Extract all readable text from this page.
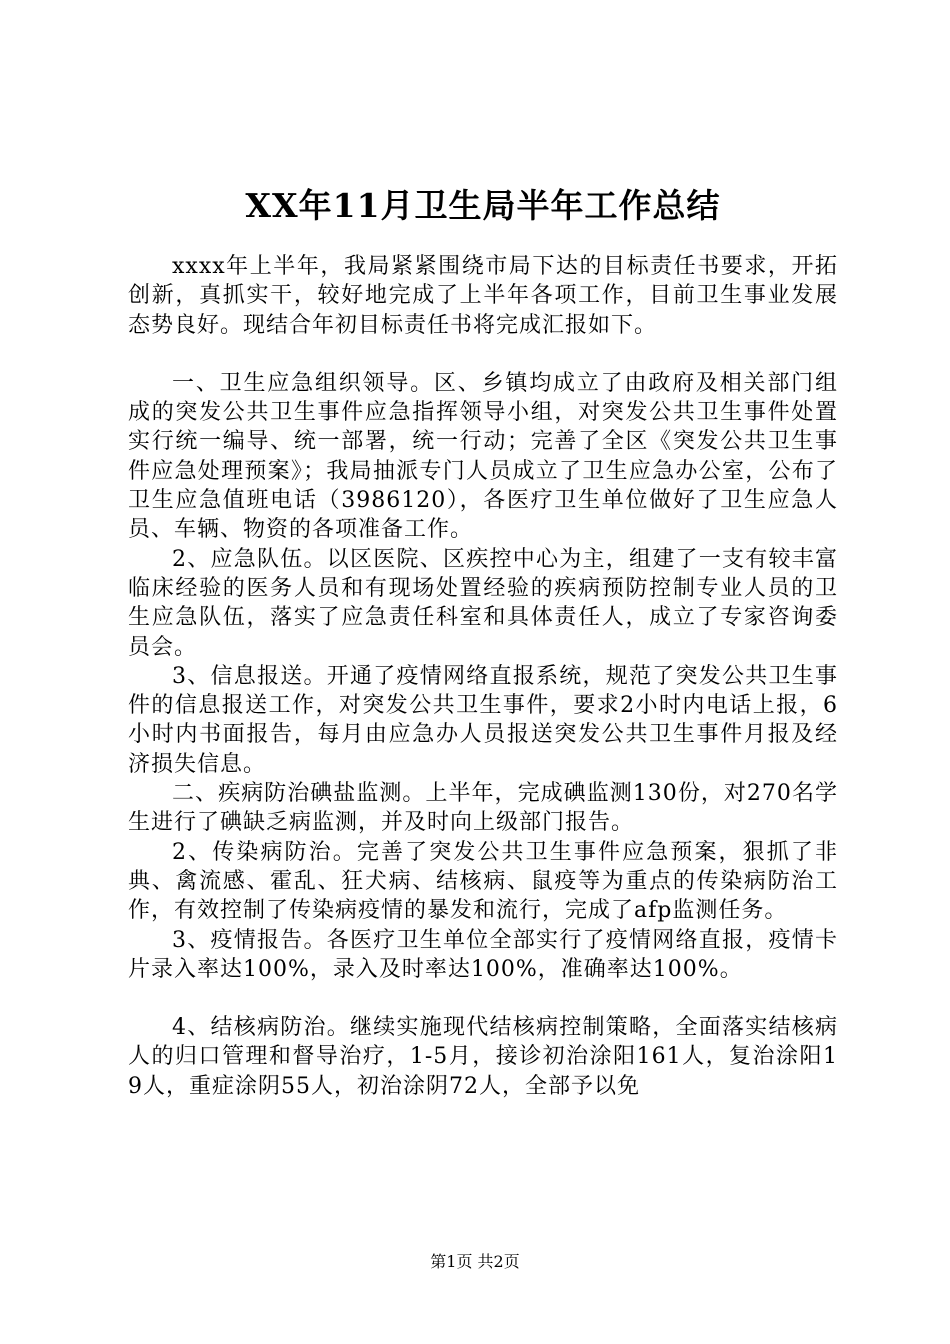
XX年11月卫生局半年工作总结

xxxx年上半年，我局紧紧围绕市局下达的目标责任书要求，开拓创新，真抓实干，较好地完成了上半年各项工作，目前卫生事业发展态势良好。现结合年初目标责任书将完成汇报如下。

一、卫生应急组织领导。区、乡镇均成立了由政府及相关部门组成的突发公共卫生事件应急指挥领导小组，对突发公共卫生事件处置实行统一编导、统一部署，统一行动；完善了全区《突发公共卫生事件应急处理预案》；我局抽派专门人员成立了卫生应急办公室，公布了卫生应急值班电话（3986120），各医疗卫生单位做好了卫生应急人员、车辆、物资的各项准备工作。

2、应急队伍。以区医院、区疾控中心为主，组建了一支有较丰富临床经验的医务人员和有现场处置经验的疾病预防控制专业人员的卫生应急队伍，落实了应急责任科室和具体责任人，成立了专家咨询委员会。

3、信息报送。开通了疫情网络直报系统，规范了突发公共卫生事件的信息报送工作，对突发公共卫生事件，要求2小时内电话上报，6小时内书面报告，每月由应急办人员报送突发公共卫生事件月报及经济损失信息。

二、疾病防治碘盐监测。上半年，完成碘监测130份，对270名学生进行了碘缺乏病监测，并及时向上级部门报告。

2、传染病防治。完善了突发公共卫生事件应急预案，狠抓了非典、禽流感、霍乱、狂犬病、结核病、鼠疫等为重点的传染病防治工作，有效控制了传染病疫情的暴发和流行，完成了afp监测任务。

3、疫情报告。各医疗卫生单位全部实行了疫情网络直报，疫情卡片录入率达100%，录入及时率达100%，准确率达100%。

4、结核病防治。继续实施现代结核病控制策略，全面落实结核病人的归口管理和督导治疗，1-5月，接诊初治涂阳161人，复治涂阳19人，重症涂阴55人，初治涂阴72人，全部予以免

第1页 共2页
